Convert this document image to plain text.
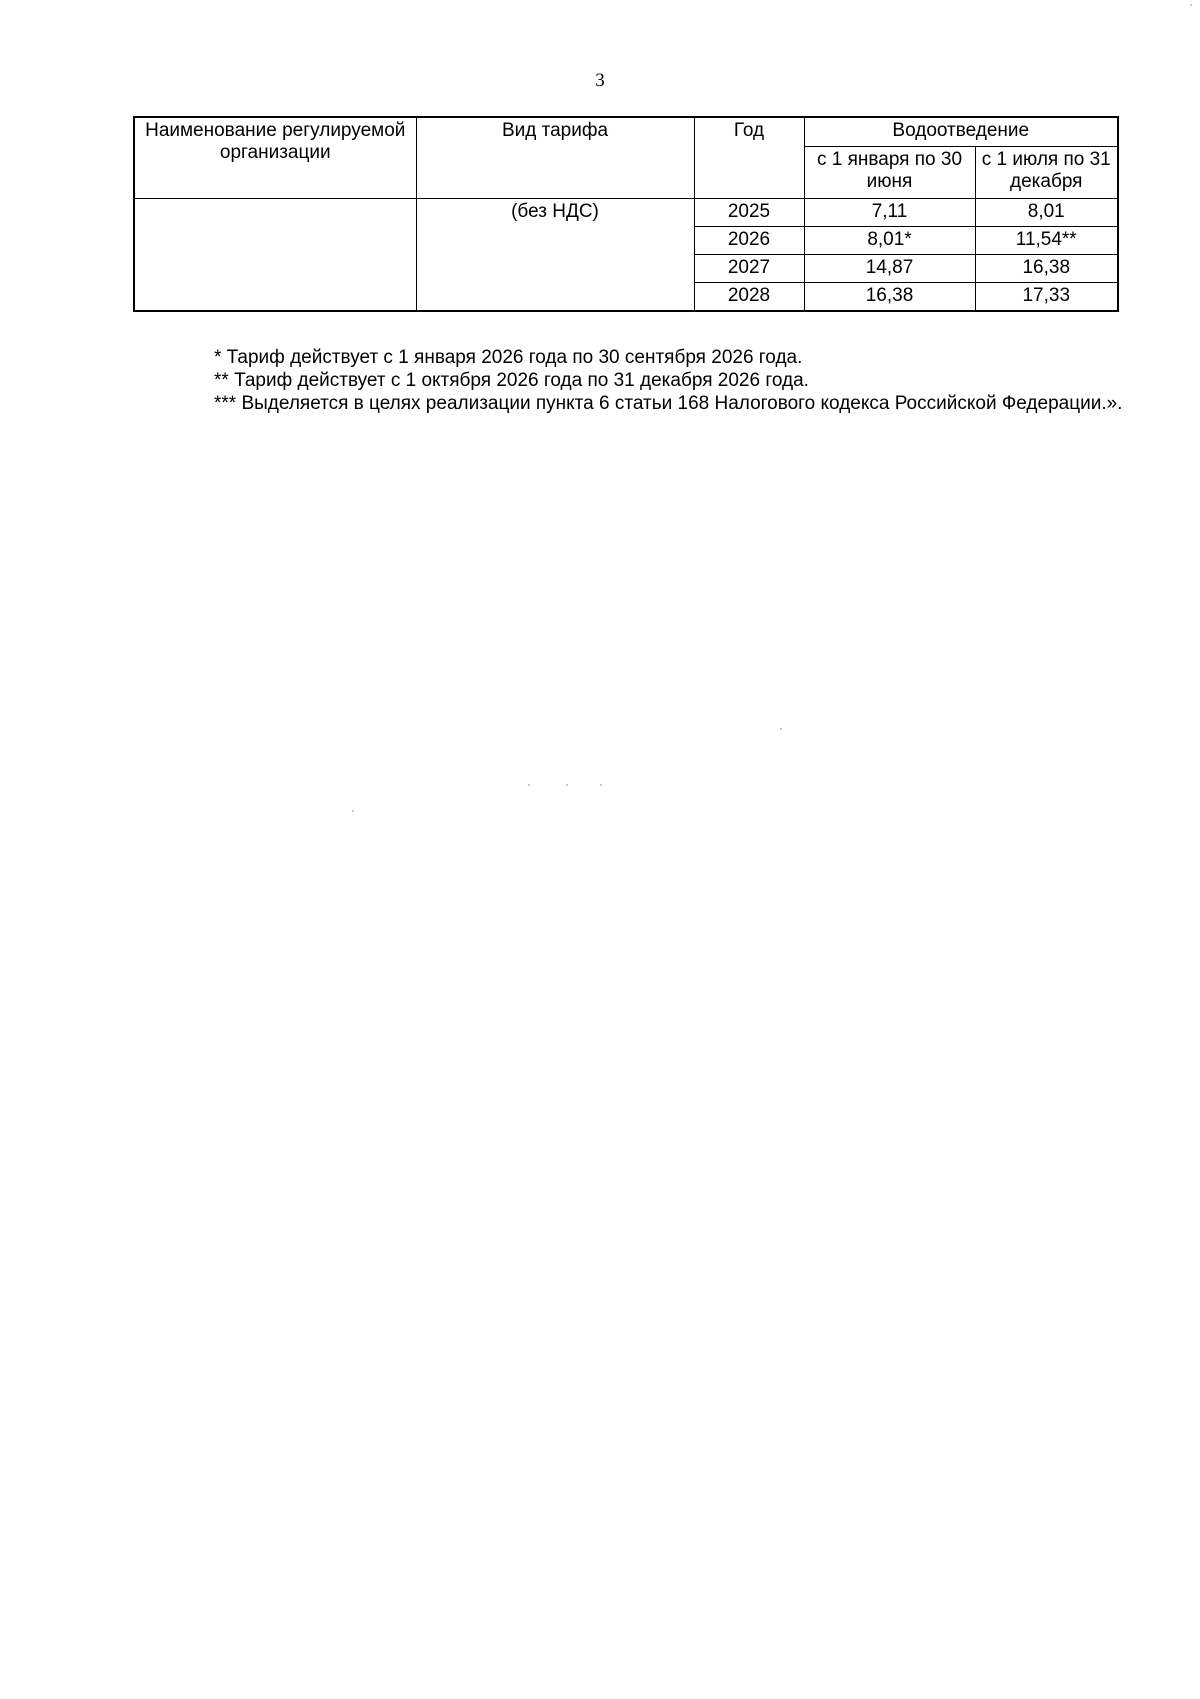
3
Наименование регулируемой организации	Вид тарифа	Год	Водоотведение	
			с 1 января по 30 июня	с 1 июля по 31 декабря
	(без НДС)	2025	7,11	8,01
		2026	8,01*	11,54**
		2027	14,87	16,38
		2028	16,38	17,33

* Тариф действует с 1 января 2026 года по 30 сентября 2026 года.

** Тариф действует с 1 октября 2026 года по 31 декабря 2026 года.

*** Выделяется в целях реализации пункта 6 статьи 168 Налогового кодекса Российской Федерации.».
